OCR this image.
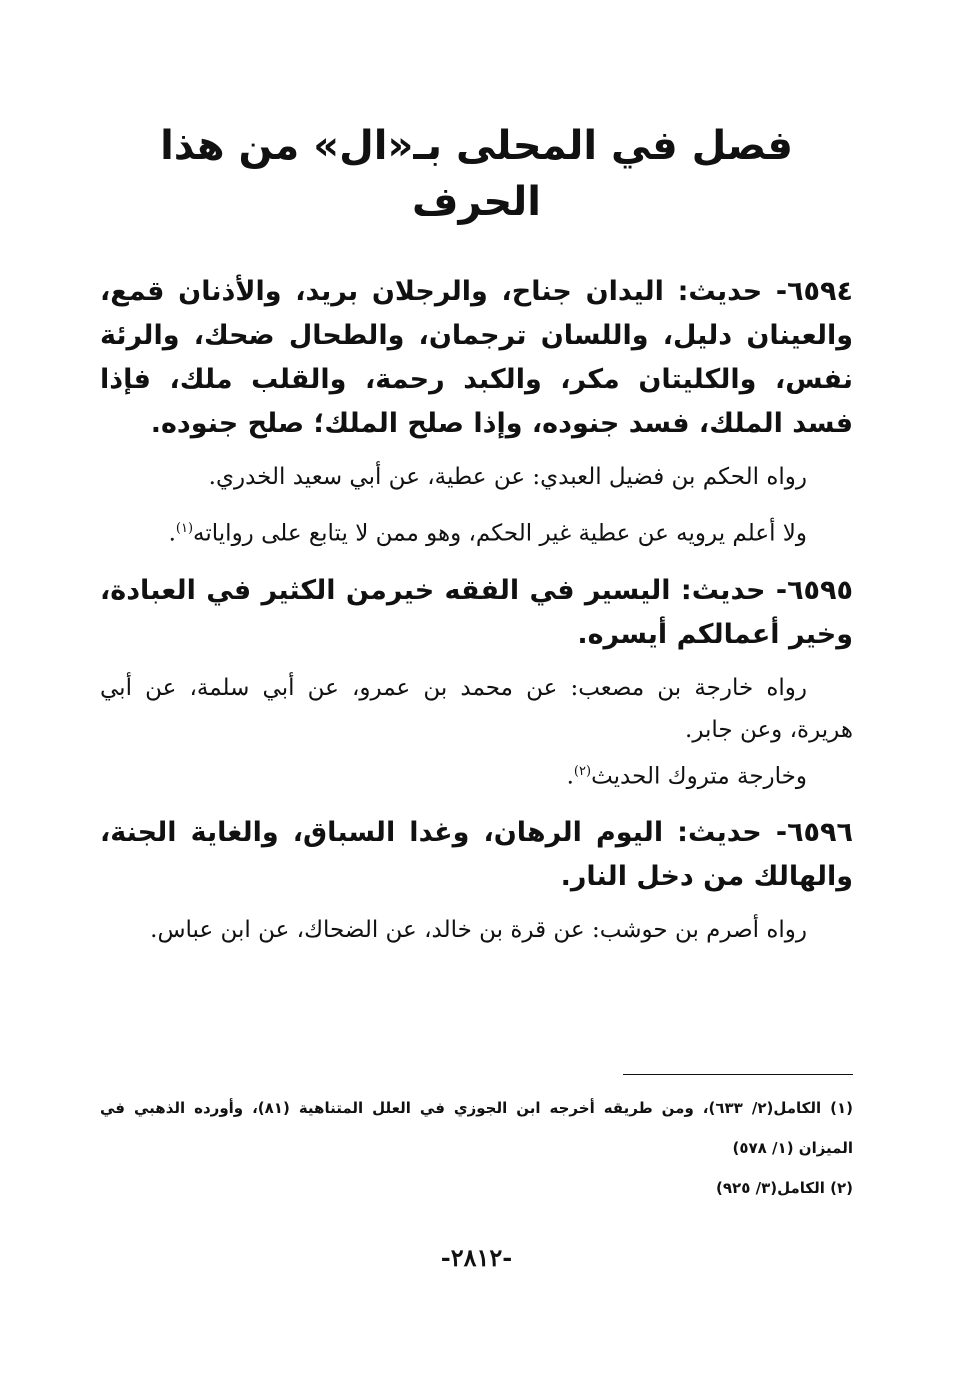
فصل في المحلى بـ«ال» من هذا الحرف

٦٥٩٤- حديث: اليدان جناح، والرجلان بريد، والأذنان قمع، والعينان دليل، واللسان ترجمان، والطحال ضحك، والرئة نفس، والكليتان مكر، والكبد رحمة، والقلب ملك، فإذا فسد الملك، فسد جنوده، وإذا صلح الملك؛ صلح جنوده.

رواه الحكم بن فضيل العبدي: عن عطية، عن أبي سعيد الخدري.

ولا أعلم يرويه عن عطية غير الحكم، وهو ممن لا يتابع على رواياته$^{(١)}$.

٦٥٩٥- حديث: اليسير في الفقه خيرمن الكثير في العبادة، وخير أعمالكم أيسره.

رواه خارجة بن مصعب: عن محمد بن عمرو، عن أبي سلمة، عن أبي هريرة، وعن جابر.

وخارجة متروك الحديث$^{(٢)}$.

٦٥٩٦- حديث: اليوم الرهان، وغدا السباق، والغاية الجنة، والهالك من دخل النار.

رواه أصرم بن حوشب: عن قرة بن خالد، عن الضحاك، عن ابن عباس.

(١) الكامل(٢/ ٦٣٣)، ومن طريقه أخرجه ابن الجوزي في العلل المتناهية (٨١)، وأورده الذهبي في الميزان (١/ ٥٧٨)

(٢) الكامل(٣/ ٩٢٥)

-٢٨١٢-
